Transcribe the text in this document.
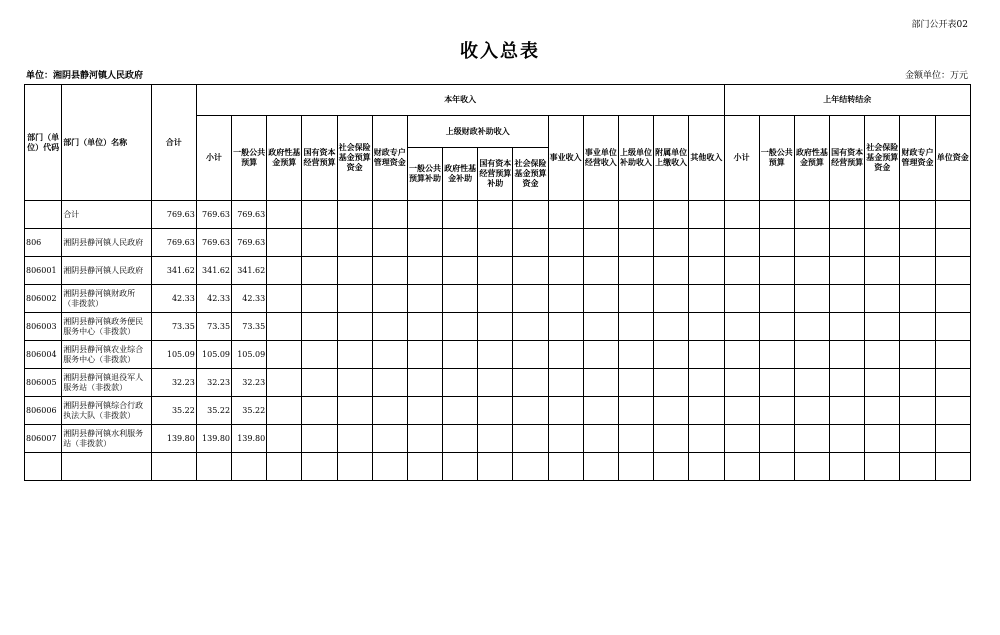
部门公开表02
收入总表
单位：湘阴县静河镇人民政府	金额单位：万元
部门（单位）代码	部门（单位）名称	合计	本年收入															上年结转结余						
			小计	一般公共预算	政府性基金预算	国有资本经营预算	社会保险基金预算资金	财政专户管理资金	上级财政补助收入				事业收入	事业单位经营收入	上级单位补助收入	附属单位上缴收入	其他收入	小计	一般公共预算	政府性基金预算	国有资本经营预算	社会保险基金预算资金	财政专户管理资金	单位资金
									一般公共预算补助	政府性基金补助	国有资本经营预算补助	社会保险基金预算资金												
	合计	769.63	769.63	769.63																				
806	湘阴县静河镇人民政府	769.63	769.63	769.63																				
806001	湘阴县静河镇人民政府	341.62	341.62	341.62																				
806002	湘阴县静河镇财政所（非拨款）	42.33	42.33	42.33																				
806003	湘阴县静河镇政务便民服务中心（非拨款）	73.35	73.35	73.35																				
806004	湘阴县静河镇农业综合服务中心（非拨款）	105.09	105.09	105.09																				
806005	湘阴县静河镇退役军人服务站（非拨款）	32.23	32.23	32.23																				
806006	湘阴县静河镇综合行政执法大队（非拨款）	35.22	35.22	35.22																				
806007	湘阴县静河镇水利服务站（非拨款）	139.80	139.80	139.80																				
